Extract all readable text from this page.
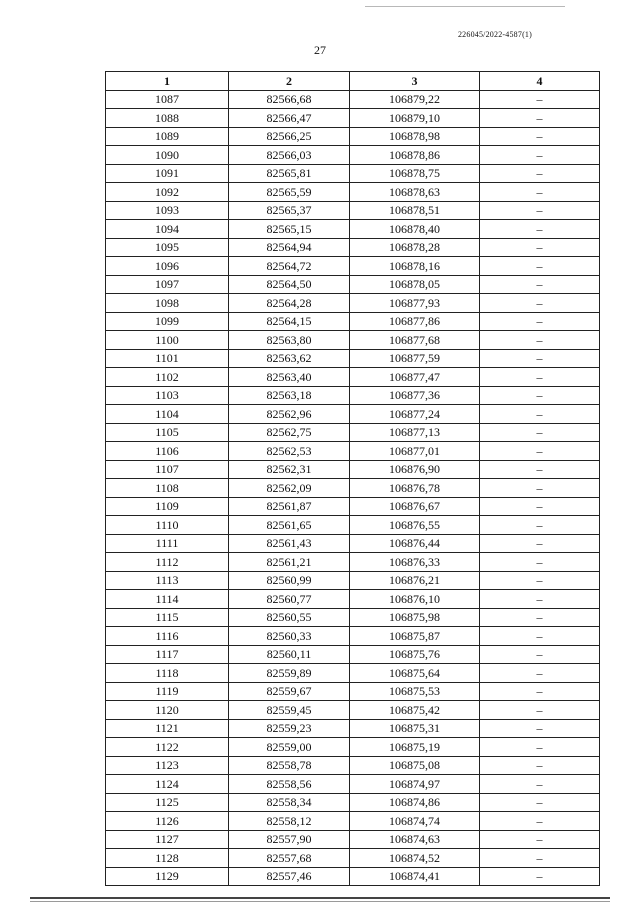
226045/2022-4587(1)
27
1	2	3	4
1087	82566,68	106879,22	–
1088	82566,47	106879,10	–
1089	82566,25	106878,98	–
1090	82566,03	106878,86	–
1091	82565,81	106878,75	–
1092	82565,59	106878,63	–
1093	82565,37	106878,51	–
1094	82565,15	106878,40	–
1095	82564,94	106878,28	–
1096	82564,72	106878,16	–
1097	82564,50	106878,05	–
1098	82564,28	106877,93	–
1099	82564,15	106877,86	–
1100	82563,80	106877,68	–
1101	82563,62	106877,59	–
1102	82563,40	106877,47	–
1103	82563,18	106877,36	–
1104	82562,96	106877,24	–
1105	82562,75	106877,13	–
1106	82562,53	106877,01	–
1107	82562,31	106876,90	–
1108	82562,09	106876,78	–
1109	82561,87	106876,67	–
1110	82561,65	106876,55	–
1111	82561,43	106876,44	–
1112	82561,21	106876,33	–
1113	82560,99	106876,21	–
1114	82560,77	106876,10	–
1115	82560,55	106875,98	–
1116	82560,33	106875,87	–
1117	82560,11	106875,76	–
1118	82559,89	106875,64	–
1119	82559,67	106875,53	–
1120	82559,45	106875,42	–
1121	82559,23	106875,31	–
1122	82559,00	106875,19	–
1123	82558,78	106875,08	–
1124	82558,56	106874,97	–
1125	82558,34	106874,86	–
1126	82558,12	106874,74	–
1127	82557,90	106874,63	–
1128	82557,68	106874,52	–
1129	82557,46	106874,41	–
